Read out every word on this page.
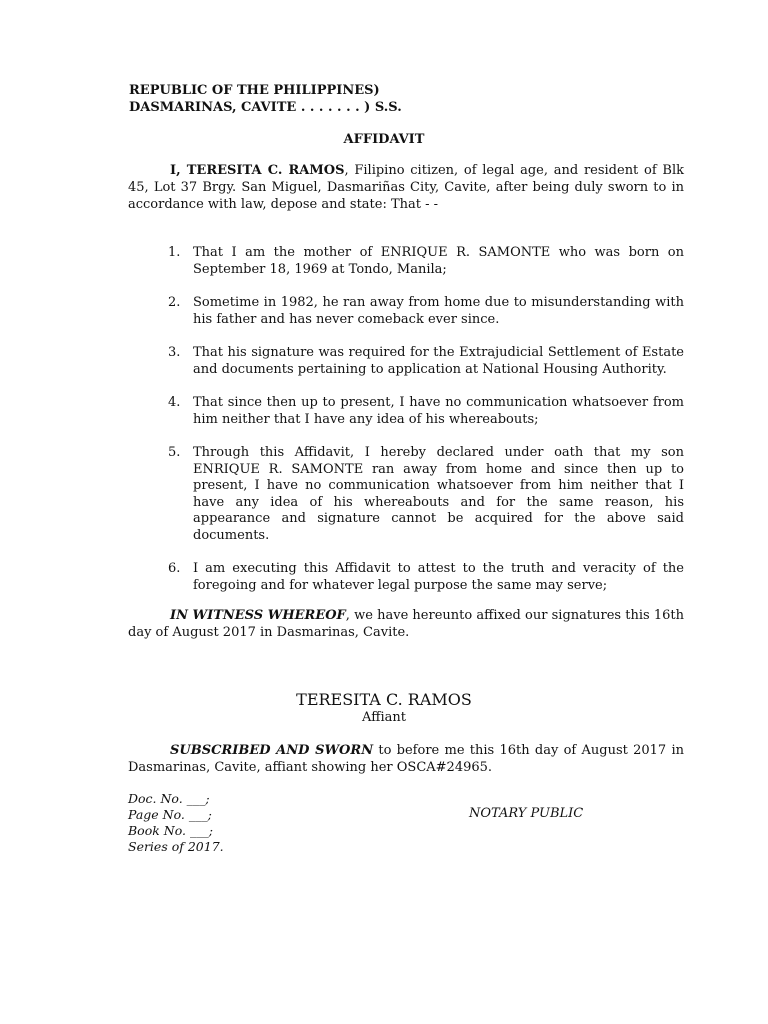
REPUBLIC OF THE PHILIPPINES)
DASMARINAS, CAVITE . . . . . . . ) S.S.
AFFIDAVIT
I, TERESITA C. RAMOS, Filipino citizen, of legal age, and resident of Blk 45, Lot 37 Brgy. San Miguel, Dasmariñas City, Cavite, after being duly sworn to in accordance with law, depose and state: That - -
1. That I am the mother of ENRIQUE R. SAMONTE who was born on September 18, 1969 at Tondo, Manila;
2. Sometime in 1982, he ran away from home due to misunderstanding with his father and has never comeback ever since.
3. That his signature was required for the Extrajudicial Settlement of Estate and documents pertaining to application at National Housing Authority.
4. That since then up to present, I have no communication whatsoever from him neither that I have any idea of his whereabouts;
5. Through this Affidavit, I hereby declared under oath that my son ENRIQUE R. SAMONTE ran away from home and since then up to present, I have no communication whatsoever from him neither that I have any idea of his whereabouts and for the same reason, his appearance and signature cannot be acquired for the above said documents.
6. I am executing this Affidavit to attest to the truth and veracity of the foregoing and for whatever legal purpose the same may serve;
IN WITNESS WHEREOF, we have hereunto affixed our signatures this 16th day of August 2017 in Dasmarinas, Cavite.
TERESITA C. RAMOS
Affiant
SUBSCRIBED AND SWORN to before me this 16th day of August 2017 in Dasmarinas, Cavite, affiant showing her OSCA#24965.
Doc. No. ___;
Page No. ___;
Book No. ___;
Series of 2017.
NOTARY PUBLIC
